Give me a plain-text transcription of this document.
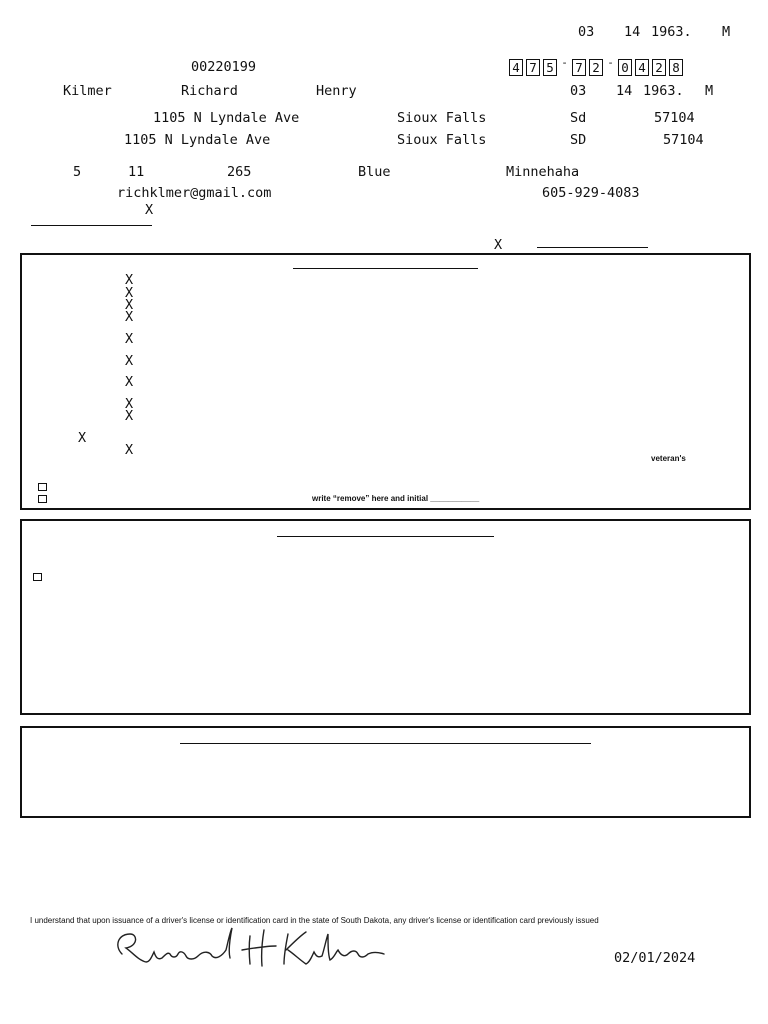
03 14 1963. M
00220199	4 7 5 - 7 2 - 0 4 2 8
Kilmer	Richard	Henry	03 14 1963. M
1105 N Lyndale Ave	Sioux Falls	Sd	57104
1105 N Lyndale Ave	Sioux Falls	SD	57104
5	11	265	Blue	Minnehaha
richklmer@gmail.com	605-929-4083
X
X
X
X
X
X
X
X
X
X
X
X
X
veteran's
write “remove” here and initial ___________
I understand that upon issuance of a driver's license or identification card in the state of South Dakota, any driver's license or identification card previously issued
02/01/2024
